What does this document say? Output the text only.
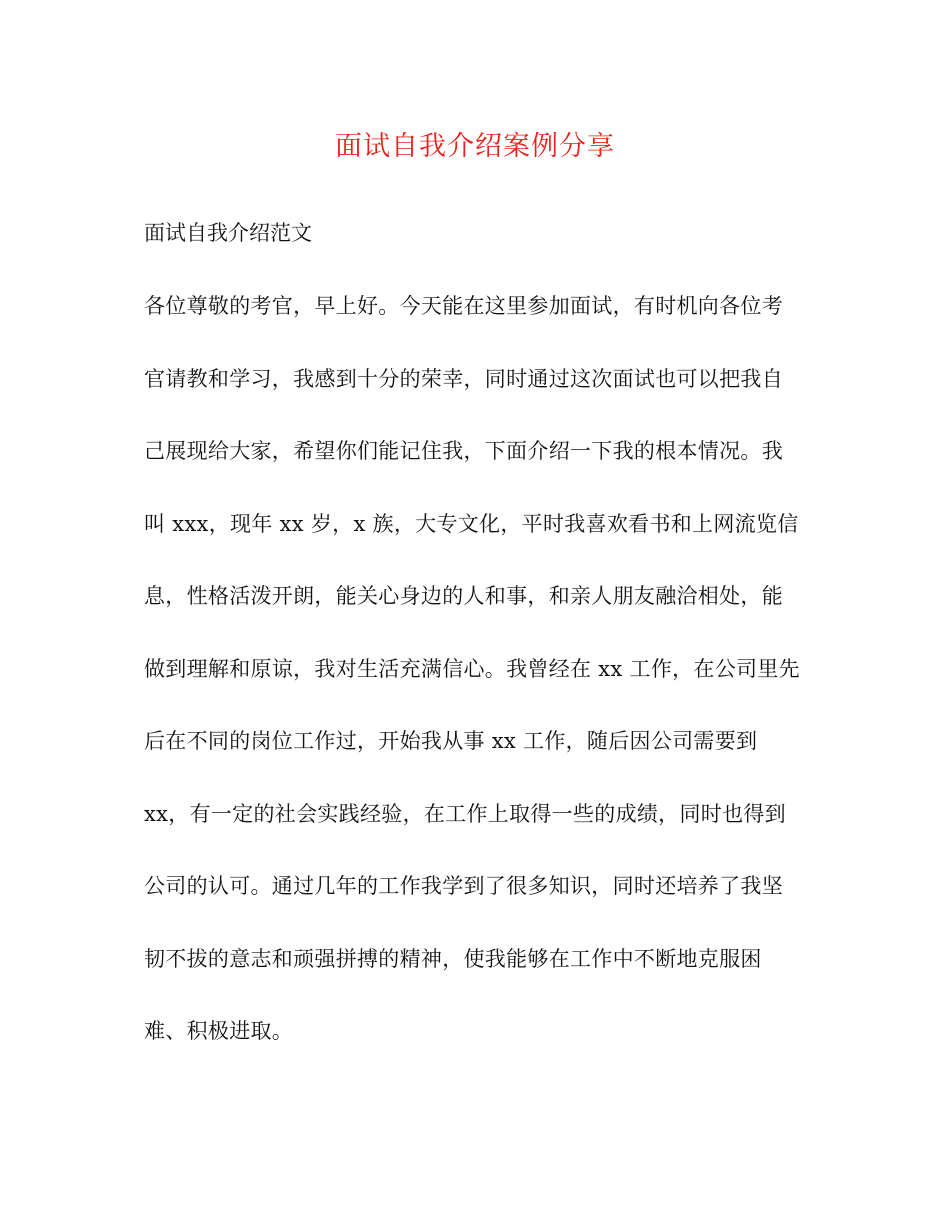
面试自我介绍案例分享
面试自我介绍范文
各位尊敬的考官，早上好。今天能在这里参加面试，有时机向各位考
官请教和学习，我感到十分的荣幸，同时通过这次面试也可以把我自
己展现给大家，希望你们能记住我，下面介绍一下我的根本情况。我
叫 xxx，现年 xx 岁，x 族，大专文化，平时我喜欢看书和上网流览信
息，性格活泼开朗，能关心身边的人和事，和亲人朋友融洽相处，能
做到理解和原谅，我对生活充满信心。我曾经在 xx 工作，在公司里先
后在不同的岗位工作过，开始我从事 xx 工作，随后因公司需要到
xx，有一定的社会实践经验，在工作上取得一些的成绩，同时也得到
公司的认可。通过几年的工作我学到了很多知识，同时还培养了我坚
韧不拔的意志和顽强拼搏的精神，使我能够在工作中不断地克服困
难、积极进取。
